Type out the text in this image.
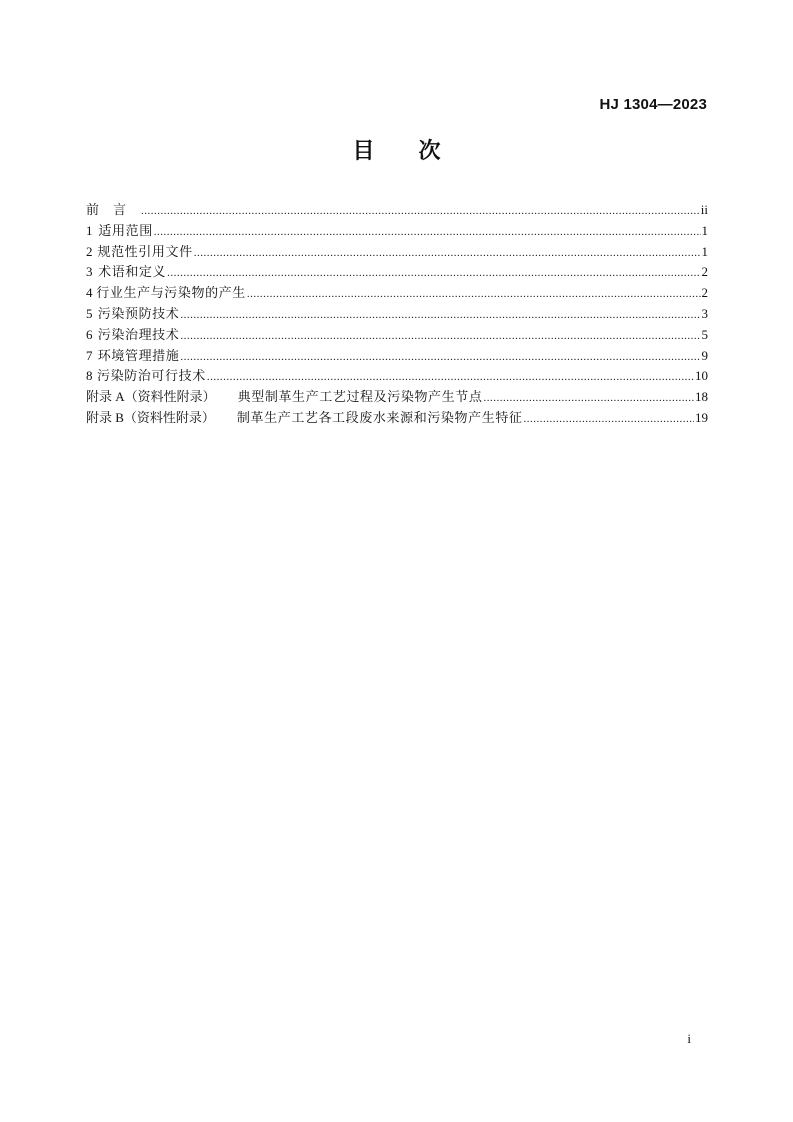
HJ 1304—2023
目 次
前言 .....	ii
1 适用范围 .....	1
2 规范性引用文件 .....	1
3 术语和定义 .....	2
4 行业生产与污染物的产生 .....	2
5 污染预防技术 .....	3
6 污染治理技术 .....	5
7 环境管理措施 .....	9
8 污染防治可行技术 .....	10
附录 A（资料性附录） 典型制革生产工艺过程及污染物产生节点 .....	18
附录 B（资料性附录） 制革生产工艺各工段废水来源和污染物产生特征 .....	19
i
